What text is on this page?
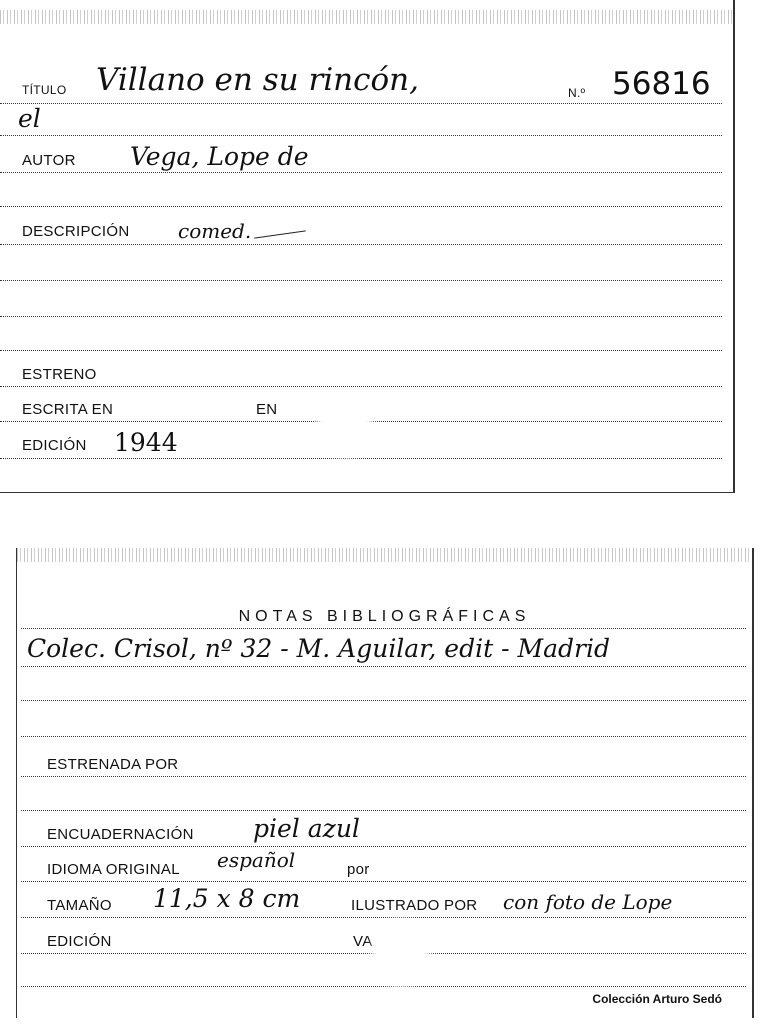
TÍTULO Villano en su rincón,	N.º 56816
el
AUTOR Vega, Lope de
DESCRIPCIÓN comed.
ESTRENO
ESCRITA EN	EN
EDICIÓN 1944
NOTAS BIBLIOGRÁFICAS
Colec. Crisol, nº 32 - M. Aguilar, edit - Madrid
ESTRENADA POR
ENCUADERNACIÓN piel azul
IDIOMA ORIGINAL español	por
TAMAÑO 11,5 x 8 cm	ILUSTRADO POR con foto de Lope
EDICIÓN	VA
Colección Arturo Sedó
